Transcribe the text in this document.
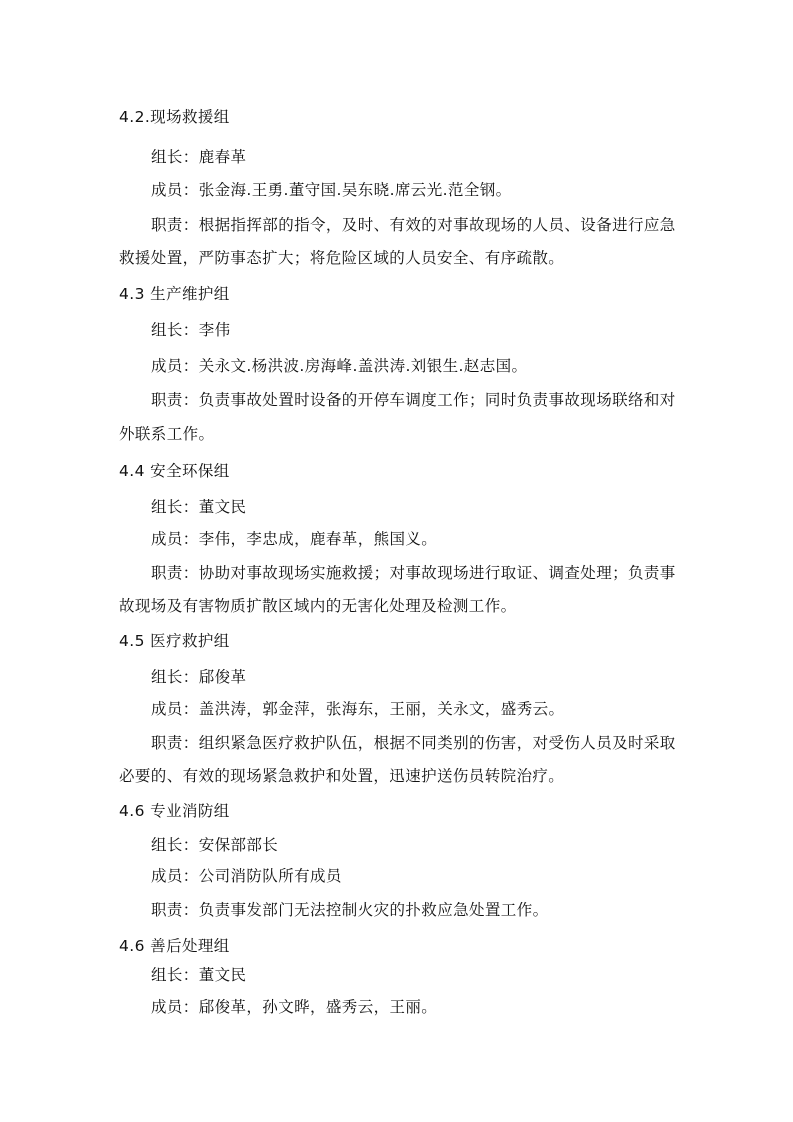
4.2.现场救援组
组长：鹿春革
成员：张金海.王勇.董守国.吴东晓.席云光.范全钢。
职责：根据指挥部的指令，及时、有效的对事故现场的人员、设备进行应急
救援处置，严防事态扩大；将危险区域的人员安全、有序疏散。
4.3 生产维护组
组长：李伟
成员：关永文.杨洪波.房海峰.盖洪涛.刘银生.赵志国。
职责：负责事故处置时设备的开停车调度工作；同时负责事故现场联络和对
外联系工作。
4.4 安全环保组
组长：董文民
成员：李伟，李忠成，鹿春革，熊国义。
职责：协助对事故现场实施救援；对事故现场进行取证、调查处理；负责事
故现场及有害物质扩散区域内的无害化处理及检测工作。
4.5 医疗救护组
组长：郈俊革
成员：盖洪涛，郭金萍，张海东，王丽，关永文，盛秀云。
职责：组织紧急医疗救护队伍，根据不同类别的伤害，对受伤人员及时采取
必要的、有效的现场紧急救护和处置，迅速护送伤员转院治疗。
4.6 专业消防组
组长：安保部部长
成员：公司消防队所有成员
职责：负责事发部门无法控制火灾的扑救应急处置工作。
4.6 善后处理组
组长：董文民
成员：郈俊革，孙文晔，盛秀云，王丽。
